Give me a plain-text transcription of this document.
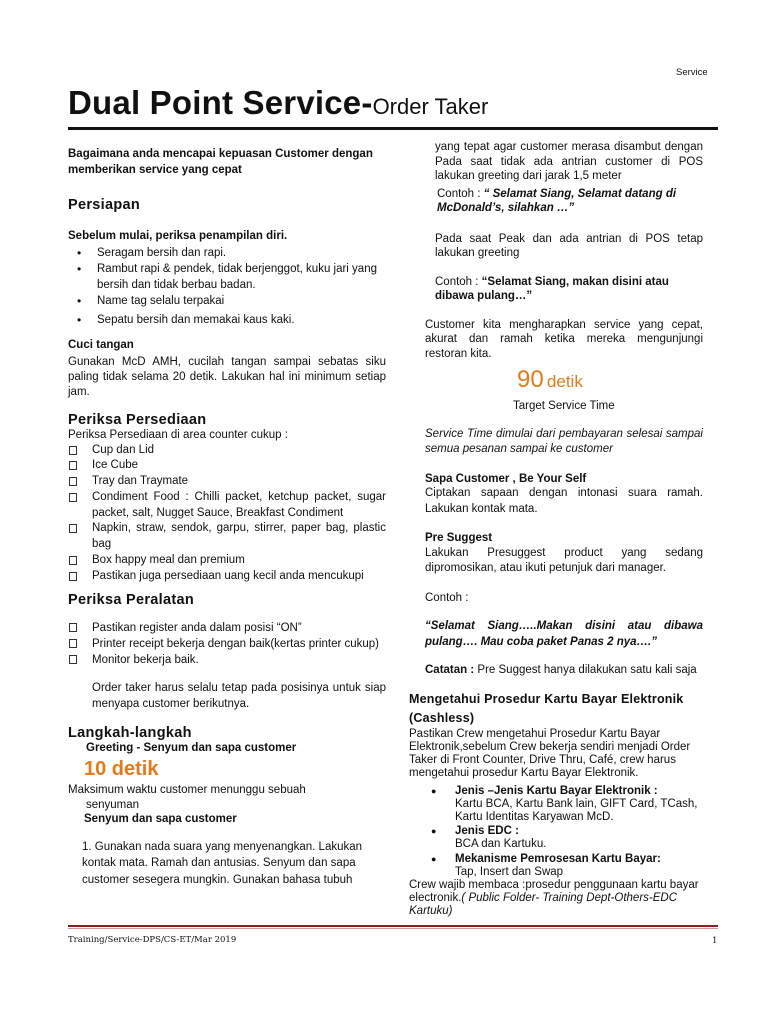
Service
Dual Point Service-Order Taker

Bagaimana anda mencapai kepuasan Customer dengan memberikan service yang cepat

Persiapan

Sebelum mulai, periksa penampilan diri.

• Seragam bersih dan rapi.
• Rambut rapi & pendek, tidak berjenggot, kuku jari yang bersih dan tidak berbau badan.
• Name tag selalu terpakai
• Sepatu bersih dan memakai kaus kaki.

Cuci tangan

Gunakan McD AMH, cucilah tangan sampai sebatas siku paling tidak selama 20 detik. Lakukan hal ini minimum setiap jam.

Periksa Persediaan

Periksa Persediaan di area counter cukup :

Cup dan Lid
Ice Cube
Tray dan Traymate
Condiment Food : Chilli packet, ketchup packet, sugar packet, salt, Nugget Sauce, Breakfast Condiment
Napkin, straw, sendok, garpu, stirrer, paper bag, plastic bag
Box happy meal dan premium
Pastikan juga persediaan uang kecil anda mencukupi

Periksa Peralatan

Pastikan register anda dalam posisi “ON”
Printer receipt bekerja dengan baik(kertas printer cukup)
Monitor bekerja baik.

Order taker harus selalu tetap pada posisinya untuk siap menyapa customer berikutnya.

Langkah-langkah

Greeting - Senyum dan sapa customer

10 detik

Maksimum waktu customer menunggu sebuah

senyuman

Senyum dan sapa customer

1. Gunakan nada suara yang menyenangkan. Lakukan kontak mata. Ramah dan antusias. Senyum dan sapa customer sesegera mungkin. Gunakan bahasa tubuh

yang tepat agar customer merasa disambut dengan Pada saat tidak ada antrian customer di POS lakukan greeting dari jarak 1,5 meter

Contoh : “ Selamat Siang, Selamat datang di McDonald’s, silahkan …”

Pada saat Peak dan ada antrian di POS tetap lakukan greeting

Contoh : “Selamat Siang, makan disini atau dibawa pulang…”

Customer kita mengharapkan service yang cepat, akurat dan ramah ketika mereka mengunjungi restoran kita.

90 detik

Target Service Time

Service Time dimulai dari pembayaran selesai sampai semua pesanan sampai ke customer

Sapa Customer , Be Your Self

Ciptakan sapaan dengan intonasi suara ramah. Lakukan kontak mata.

Pre Suggest

Lakukan Presuggest product yang sedang dipromosikan, atau ikuti petunjuk dari manager.

Contoh :

“Selamat Siang…..Makan disini atau dibawa pulang…. Mau coba paket Panas 2 nya….”

Catatan : Pre Suggest hanya dilakukan satu kali saja

Mengetahui Prosedur Kartu Bayar Elektronik (Cashless)

Pastikan Crew mengetahui Prosedur Kartu Bayar Elektronik,sebelum Crew bekerja sendiri menjadi Order Taker di Front Counter, Drive Thru, Café, crew harus mengetahui prosedur Kartu Bayar Elektronik.

● Jenis –Jenis Kartu Bayar Elektronik :
Kartu BCA, Kartu Bank lain, GIFT Card, TCash, Kartu Identitas Karyawan McD.
● Jenis EDC :
BCA dan Kartuku.
● Mekanisme Pemrosesan Kartu Bayar:
Tap, Insert dan Swap

Crew wajib membaca :prosedur penggunaan kartu bayar electronik.( Public Folder- Training Dept-Others-EDC Kartuku)

Training/Service-DPS/CS-ET/Mar 2019	1
